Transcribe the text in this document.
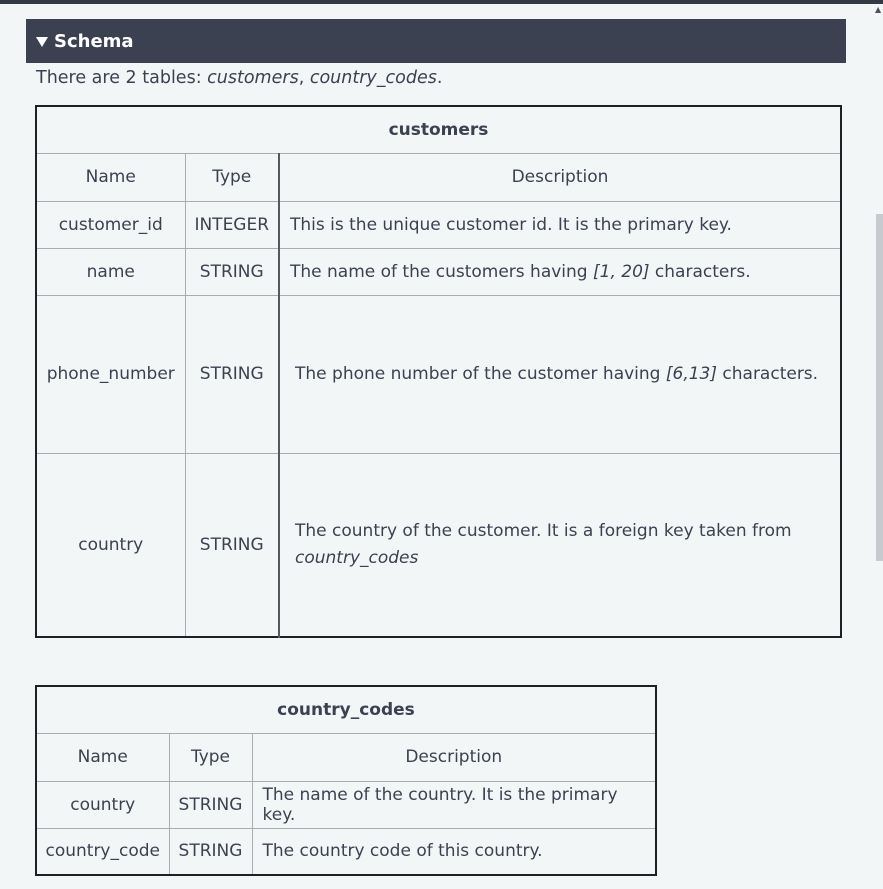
▲
Schema
There are 2 tables: customers, country_codes.
customers		
Name	Type	Description
customer_id	INTEGER	This is the unique customer id. It is the primary key.
name	STRING	The name of the customers having [1, 20] characters.
phone_number	STRING	The phone number of the customer having [6,13] characters.
country	STRING	The country of the customer. It is a foreign key taken from
country_codes
country_codes		
Name	Type	Description
country	STRING	The name of the country. It is the primary key.
country_code	STRING	The country code of this country.
